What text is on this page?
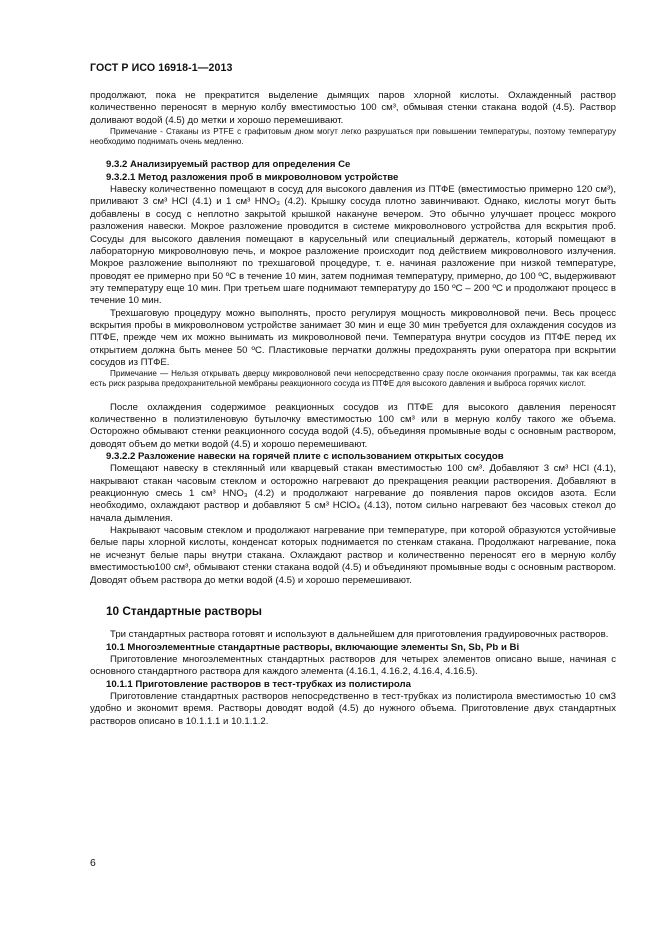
ГОСТ Р ИСО 16918-1—2013

продолжают, пока не прекратится выделение дымящих паров хлорной кислоты. Охлажденный раствор количественно переносят в мерную колбу вместимостью 100 см³, обмывая стенки стакана водой (4.5). Раствор доливают водой (4.5) до метки и хорошо перемешивают.

Примечание - Стаканы из PTFE с графитовым дном могут легко разрушаться при повышении температуры, поэтому температуру необходимо поднимать очень медленно.

9.3.2 Анализируемый раствор для определения Се

9.3.2.1 Метод разложения проб в микроволновом устройстве

Навеску количественно помещают в сосуд для высокого давления из ПТФЕ (вместимостью примерно 120 см³), приливают 3 см³ HCl (4.1) и 1 см³ HNO₃ (4.2). Крышку сосуда плотно завинчивают. Однако, кислоты могут быть добавлены в сосуд с неплотно закрытой крышкой накануне вечером. Это обычно улучшает процесс мокрого разложения навески. Мокрое разложение проводится в системе микроволнового устройства для вскрытия проб. Сосуды для высокого давления помещают в карусельный или специальный держатель, который помещают в лабораторную микроволновую печь, и мокрое разложение происходит под действием микроволнового излучения. Мокрое разложение выполняют по трехшаговой процедуре, т. е. начиная разложение при низкой температуре, проводят ее примерно при 50 ºС в течение 10 мин, затем поднимая температуру, примерно, до 100 ºС, выдерживают эту температуру еще 10 мин. При третьем шаге поднимают температуру до 150 ºС – 200 ºС и продолжают процесс в течение 10 мин.

Трехшаговую процедуру можно выполнять, просто регулируя мощность микроволновой печи. Весь процесс вскрытия пробы в микроволновом устройстве занимает 30 мин и еще 30 мин требуется для охлаждения сосудов из ПТФЕ, прежде чем их можно вынимать из микроволновой печи. Температура внутри сосудов из ПТФЕ перед их открытием должна быть менее 50 ºС. Пластиковые перчатки должны предохранять руки оператора при вскрытии сосудов из ПТФЕ.

Примечание — Нельзя открывать дверцу микроволновой печи непосредственно сразу после окончания программы, так как всегда есть риск разрыва предохранительной мембраны реакционного сосуда из ПТФЕ для высокого давления и выброса горячих кислот.

После охлаждения содержимое реакционных сосудов из ПТФЕ для высокого давления переносят количественно в полиэтиленовую бутылочку вместимостью 100 см³ или в мерную колбу такого же объема. Осторожно обмывают стенки реакционного сосуда водой (4.5), объединяя промывные воды с основным раствором, доводят объем до метки водой (4.5) и хорошо перемешивают.

9.3.2.2 Разложение навески на горячей плите с использованием открытых сосудов

Помещают навеску в стеклянный или кварцевый стакан вместимостью 100 см³. Добавляют 3 см³ HCl (4.1), накрывают стакан часовым стеклом и осторожно нагревают до прекращения реакции растворения. Добавляют в реакционную смесь 1 см³ HNO₃ (4.2) и продолжают нагревание до появления паров оксидов азота. Если необходимо, охлаждают раствор и добавляют 5 см³ HClO₄ (4.13), потом сильно нагревают без часовых стекол до начала дымления.

Накрывают часовым стеклом и продолжают нагревание при температуре, при которой образуются устойчивые белые пары хлорной кислоты, конденсат которых поднимается по стенкам стакана. Продолжают нагревание, пока не исчезнут белые пары внутри стакана. Охлаждают раствор и количественно переносят его в мерную колбу вместимостью100 см³, обмывают стенки стакана водой (4.5) и объединяют промывные воды с основным раствором. Доводят объем раствора до метки водой (4.5) и хорошо перемешивают.

10 Стандартные растворы

Три стандартных раствора готовят и используют в дальнейшем для приготовления градуировочных растворов.

10.1 Многоэлементные стандартные растворы, включающие элементы Sn, Sb, Pb и Bi

Приготовление многоэлементных стандартных растворов для четырех элементов описано выше, начиная с основного стандартного раствора для каждого элемента (4.16.1, 4.16.2, 4.16.4, 4.16.5).

10.1.1 Приготовление растворов в тест-трубках из полистирола

Приготовление стандартных растворов непосредственно в тест-трубках из полистирола вместимостью 10 см3 удобно и экономит время. Растворы доводят водой (4.5) до нужного объема. Приготовление двух стандартных растворов описано в 10.1.1.1 и 10.1.1.2.

6
